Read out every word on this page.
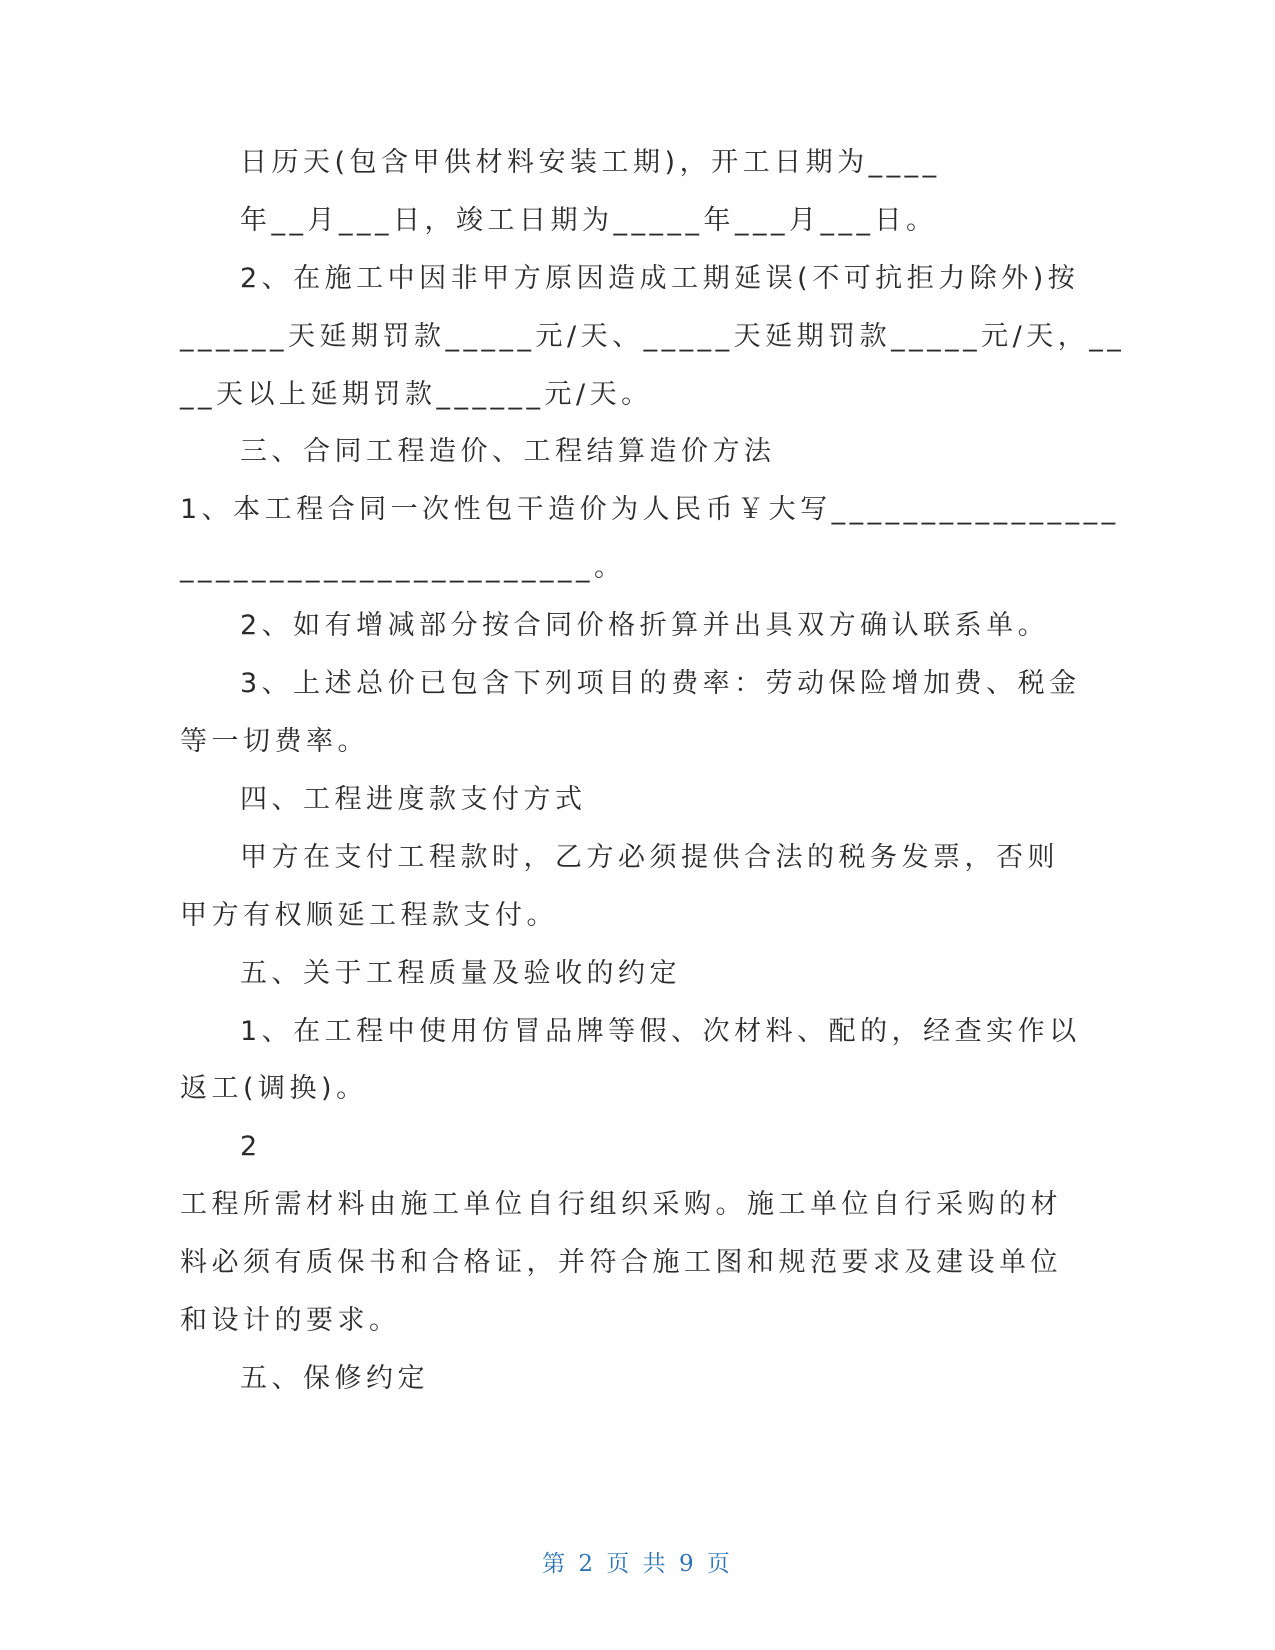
日历天(包含甲供材料安装工期)，开工日期为____
年__月___日，竣工日期为_____年___月___日。
2、在施工中因非甲方原因造成工期延误(不可抗拒力除外)按
______天延期罚款_____元/天、_____天延期罚款_____元/天，__
__天以上延期罚款______元/天。
三、合同工程造价、工程结算造价方法
1、本工程合同一次性包干造价为人民币￥大写________________
_______________________。
2、如有增减部分按合同价格折算并出具双方确认联系单。
3、上述总价已包含下列项目的费率：劳动保险增加费、税金
等一切费率。
四、工程进度款支付方式
甲方在支付工程款时，乙方必须提供合法的税务发票，否则
甲方有权顺延工程款支付。
五、关于工程质量及验收的约定
1、在工程中使用仿冒品牌等假、次材料、配的，经查实作以
返工(调换)。
2
工程所需材料由施工单位自行组织采购。施工单位自行采购的材
料必须有质保书和合格证，并符合施工图和规范要求及建设单位
和设计的要求。
五、保修约定
第 2 页 共 9 页
